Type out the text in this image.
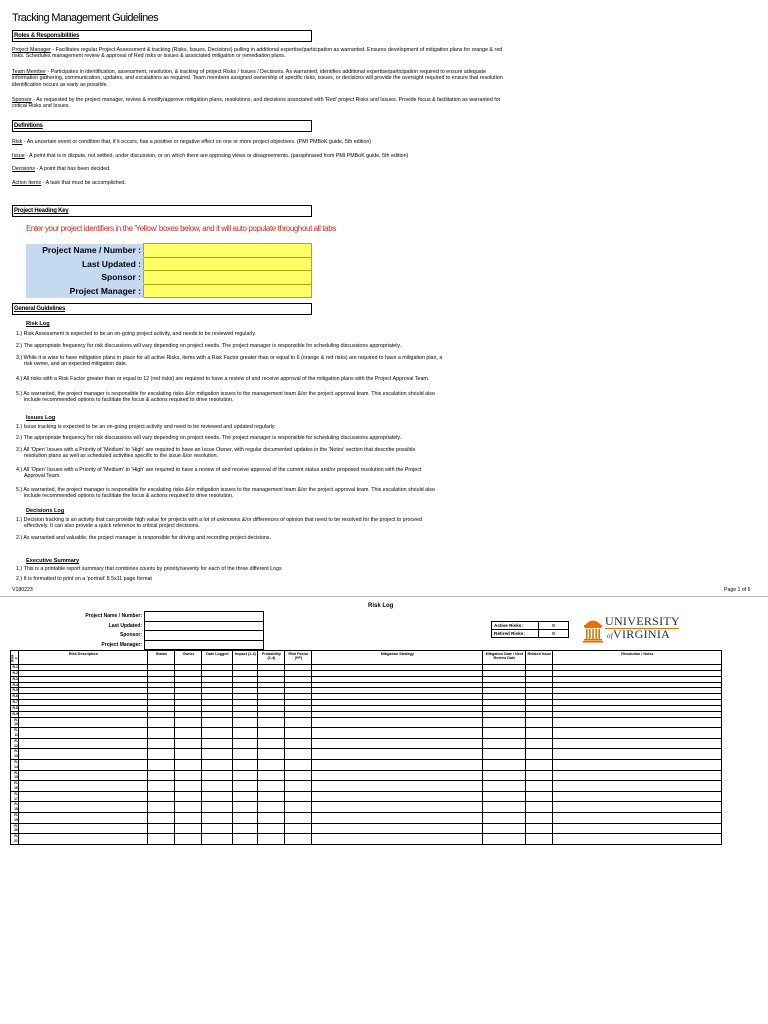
Tracking Management Guidelines
Roles & Responsibilities
Project Manager - Facilitates regular Project Assessment & tracking (Risks, Issues, Decisions) pulling in additional expertise/participation as warranted. Ensures development of mitigation plans for orange & red risks. Schedules management review & approval of Red risks or issues & associated mitigation or remediation plans.
Team Member - Participates in identification, assessment, resolution, & tracking of project Risks / Issues / Decisions. As warranted, identifies additional expertise/participation required to ensure adequate information gathering, communication, updates, and escalations as required. Team members assigned ownership of specific risks, issues, or decisions will provide the oversight required to ensure that resolution identification occurs as early as possible.
Sponsor - As requested by the project manager, review & modify/approve mitigation plans, resolutions, and decisions associated with 'Red' project Risks and Issues. Provide focus & facilitation as warranted for critical Risks and Issues.
Definitions
Risk - An uncertain event or condition that, if it occurs, has a positive or negative effect on one or more project objectives. (PMI PMBoK guide, 5th edition)
Issue - A point that is in dispute, not settled, under discussion, or on which there are opposing views or disagreements. (paraphrased from PMI PMBoK guide, 5th edition)
Decisions - A point that has been decided.
Action Items - A task that must be accomplished.
Project Heading Key
Enter your project identifiers in the 'Yellow' boxes below, and it will auto populate throughout all tabs
Project Name / Number :	
Last Updated :	
Sponsor :	
Project Manager :	
General Guidelines
Risk Log
1.) Risk Assessment is expected to be an on-going project activity, and needs to be reviewed regularly.
2.) The appropriate frequency for risk discussions will vary depending on project needs. The project manager is responsible for scheduling discussions appropriately.
3.) While it is wise to have mitigation plans in place for all active Risks, items with a Risk Factor greater than or equal to 6 (orange & red risks) are required to have a mitigation plan, a
risk owner, and an expected mitigation date.
4.) All risks with a Risk Factor greater than or equal to 12 (red risks) are required to have a review of and receive approval of the mitigation plans with the Project Approval Team.
5.) As warranted, the project manager is responsible for escalating risks &/or mitigation issues to the management team &/or the project approval team. This escalation should also
include recommended options to facilitate the focus & actions required to drive resolution.
Issues Log
1.) Issue tracking is expected to be an on-going project activity and need to be reviewed and updated regularly.
2.) The appropriate frequency for risk discussions will vary depending on project needs. The project manager is responsible for scheduling discussions appropriately.
3.) All 'Open' Issues with a Priority of 'Medium' to 'High' are required to have an Issue Owner, with regular documented updates in the 'Notes' section that describe possible
resolution plans as well as scheduled activities specific to the issue &/or resolution.
4.) All 'Open' Issues with a Priority of 'Medium' to 'High' are required to have a review of and receive approval of the current status and/or proposed resolution with the Project
Approval Team.
5.) As warranted, the project manager is responsible for escalating risks &/or mitigation issues to the management team &/or the project approval team. This escalation should also
include recommended options to facilitate the focus & actions required to drive resolution.
Decisions Log
1.) Decision tracking is an activity that can provide high value for projects with a lot of unknowns &/or differences of opinion that need to be resolved for the project to proceed
effectively. It can also provide a quick reference to critical project decisions.
2.) As warranted and valuable, the project manager is responsible for driving and recording project decisions.
Executive Summary
1.) This is a printable report summary that combines counts by priority/severity for each of the three different Logs
2.) It is formatted to print on a 'portrait' 8.5x11 page format
V180223	Page 1 of 6
Risk Log
Project Name / Number:	
Last Updated:	
Sponsor:	
Project Manager:	
Active Risks:	0
Retired Risks:	0
UNIVERSITY
ofVIRGINIA
Risk #	Risk Description	Status	Owner	Date Logged	Impact (1-4)	Probability (1-4)	Risk Factor (I*P)	Mitigation Strategy	Mitigation Date / Next Review Date	Related Issue	Resolution / Notes
R-1											
R-2											
R-3											
R-4											
R-5											
R-6											
R-7											
R-8											
R-9											
R-10											
R-11											
R-12											
R-13											
R-14											
R-15											
R-16											
R-17											
R-18											
R-19											
R-20											
R-21											
